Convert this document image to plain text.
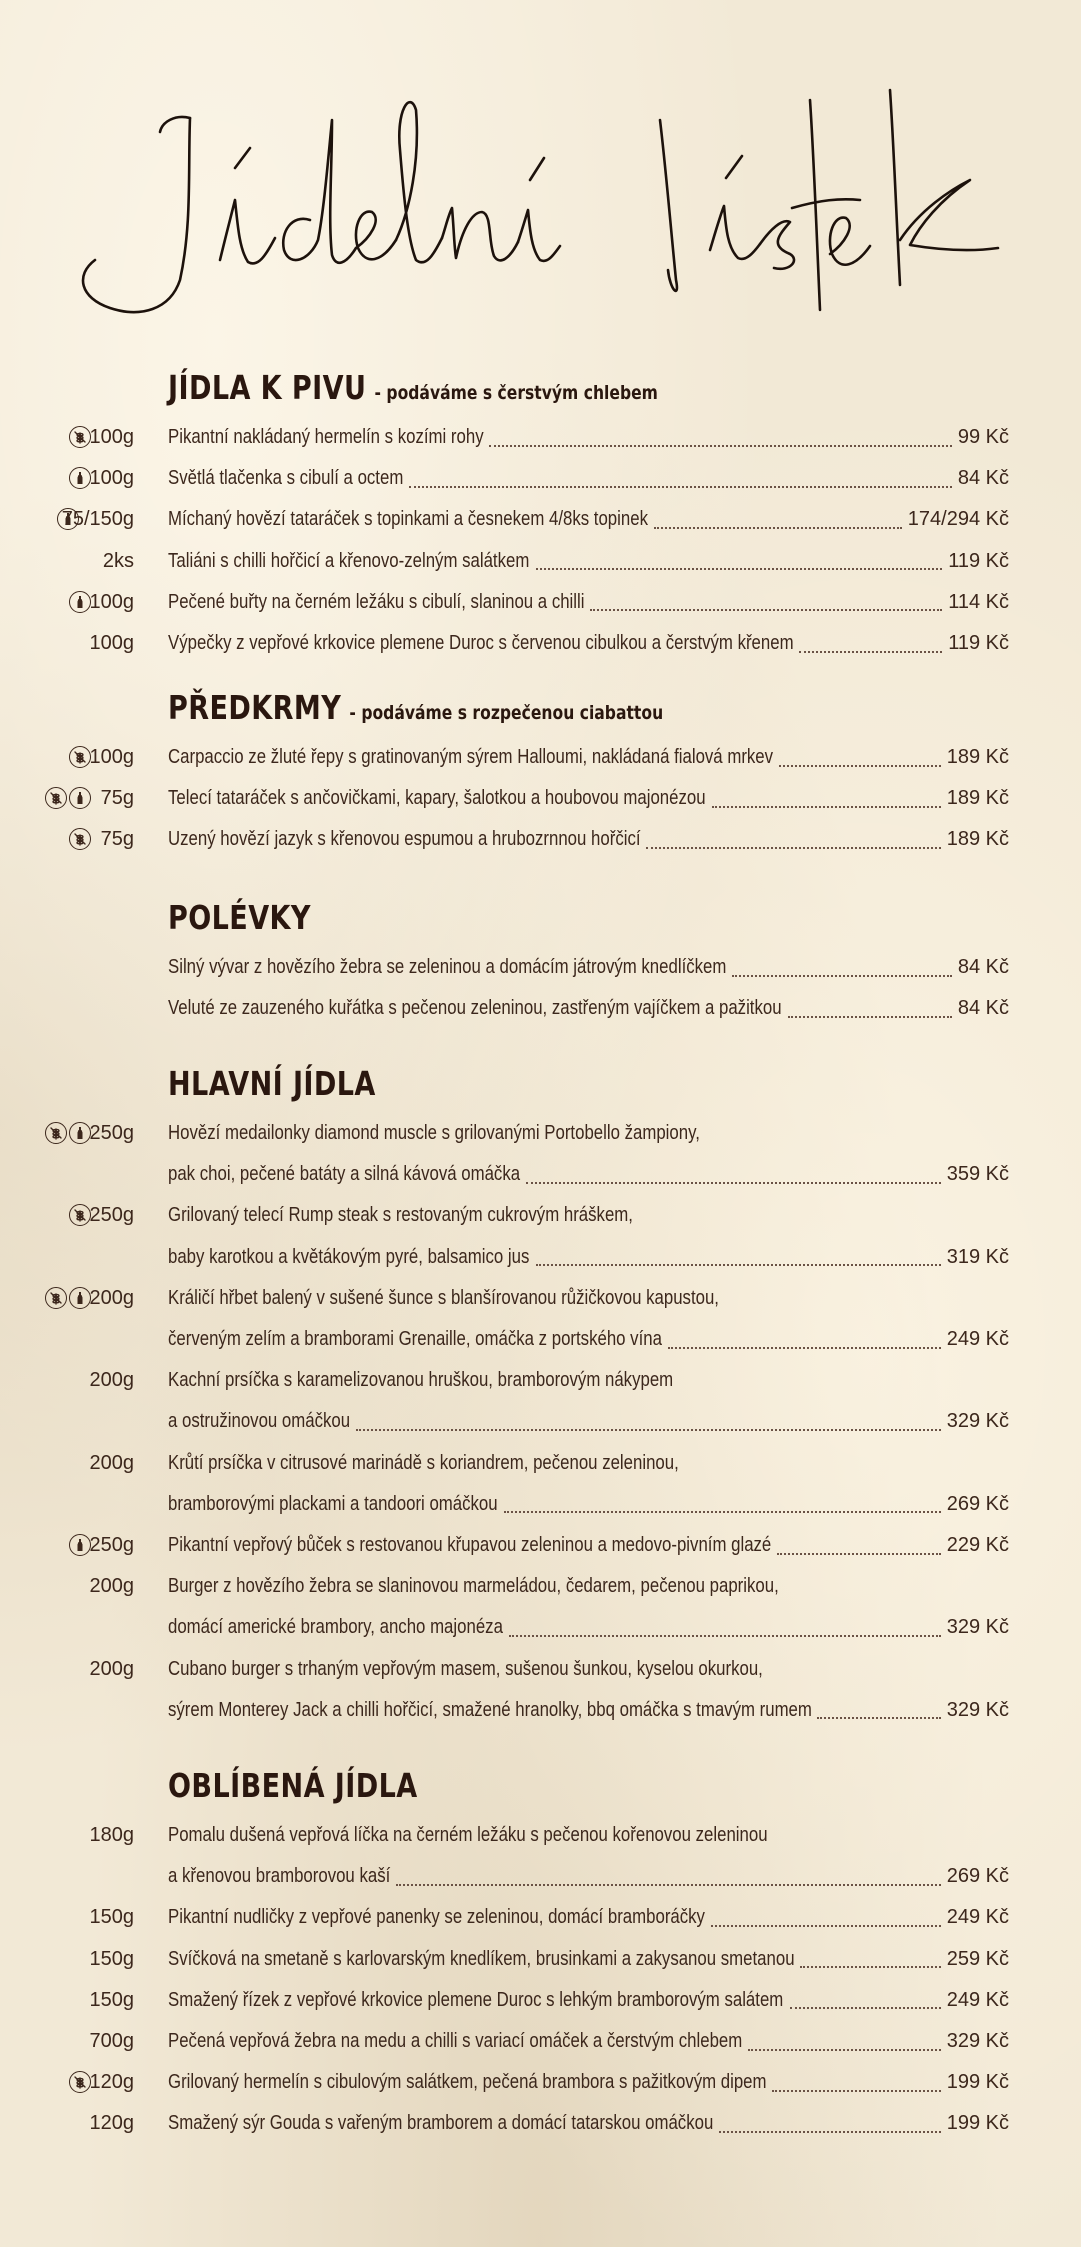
JÍDLA K PIVU - podáváme s čerstvým chlebem
100g Pikantní nakládaný hermelín s kozími rohy	99 Kč
100g Světlá tlačenka s cibulí a octem	84 Kč
75/150g Míchaný hovězí tataráček s topinkami a česnekem 4/8ks topinek	174/294 Kč
2ks Taliáni s chilli hořčicí a křenovo-zelným salátkem	119 Kč
100g Pečené buřty na černém ležáku s cibulí, slaninou a chilli	114 Kč
100g Výpečky z vepřové krkovice plemene Duroc s červenou cibulkou a čerstvým křenem	119 Kč
PŘEDKRMY - podáváme s rozpečenou ciabattou
100g Carpaccio ze žluté řepy s gratinovaným sýrem Halloumi, nakládaná fialová mrkev	189 Kč
75g Telecí tataráček s ančovičkami, kapary, šalotkou a houbovou majonézou	189 Kč
75g Uzený hovězí jazyk s křenovou espumou a hrubozrnnou hořčicí	189 Kč
POLÉVKY
Silný vývar z hovězího žebra se zeleninou a domácím játrovým knedlíčkem	84 Kč
Veluté ze zauzeného kuřátka s pečenou zeleninou, zastřeným vajíčkem a pažitkou	84 Kč
HLAVNÍ JÍDLA
250g Hovězí medailonky diamond muscle s grilovanými Portobello žampiony,
pak choi, pečené batáty a silná kávová omáčka	359 Kč
250g Grilovaný telecí Rump steak s restovaným cukrovým hráškem,
baby karotkou a květákovým pyré, balsamico jus	319 Kč
200g Králičí hřbet balený v sušené šunce s blanšírovanou růžičkovou kapustou,
červeným zelím a bramborami Grenaille, omáčka z portského vína	249 Kč
200g Kachní prsíčka s karamelizovanou hruškou, bramborovým nákypem
a ostružinovou omáčkou	329 Kč
200g Krůtí prsíčka v citrusové marinádě s koriandrem, pečenou zeleninou,
bramborovými plackami a tandoori omáčkou	269 Kč
250g Pikantní vepřový bůček s restovanou křupavou zeleninou a medovo-pivním glazé	229 Kč
200g Burger z hovězího žebra se slaninovou marmeládou, čedarem, pečenou paprikou,
domácí americké brambory, ancho majonéza	329 Kč
200g Cubano burger s trhaným vepřovým masem, sušenou šunkou, kyselou okurkou,
sýrem Monterey Jack a chilli hořčicí, smažené hranolky, bbq omáčka s tmavým rumem	329 Kč
OBLÍBENÁ JÍDLA
180g Pomalu dušená vepřová líčka na černém ležáku s pečenou kořenovou zeleninou
a křenovou bramborovou kaší	269 Kč
150g Pikantní nudličky z vepřové panenky se zeleninou, domácí bramboráčky	249 Kč
150g Svíčková na smetaně s karlovarským knedlíkem, brusinkami a zakysanou smetanou	259 Kč
150g Smažený řízek z vepřové krkovice plemene Duroc s lehkým bramborovým salátem	249 Kč
700g Pečená vepřová žebra na medu a chilli s variací omáček a čerstvým chlebem	329 Kč
120g Grilovaný hermelín s cibulovým salátkem, pečená brambora s pažitkovým dipem	199 Kč
120g Smažený sýr Gouda s vařeným bramborem a domácí tatarskou omáčkou	199 Kč
